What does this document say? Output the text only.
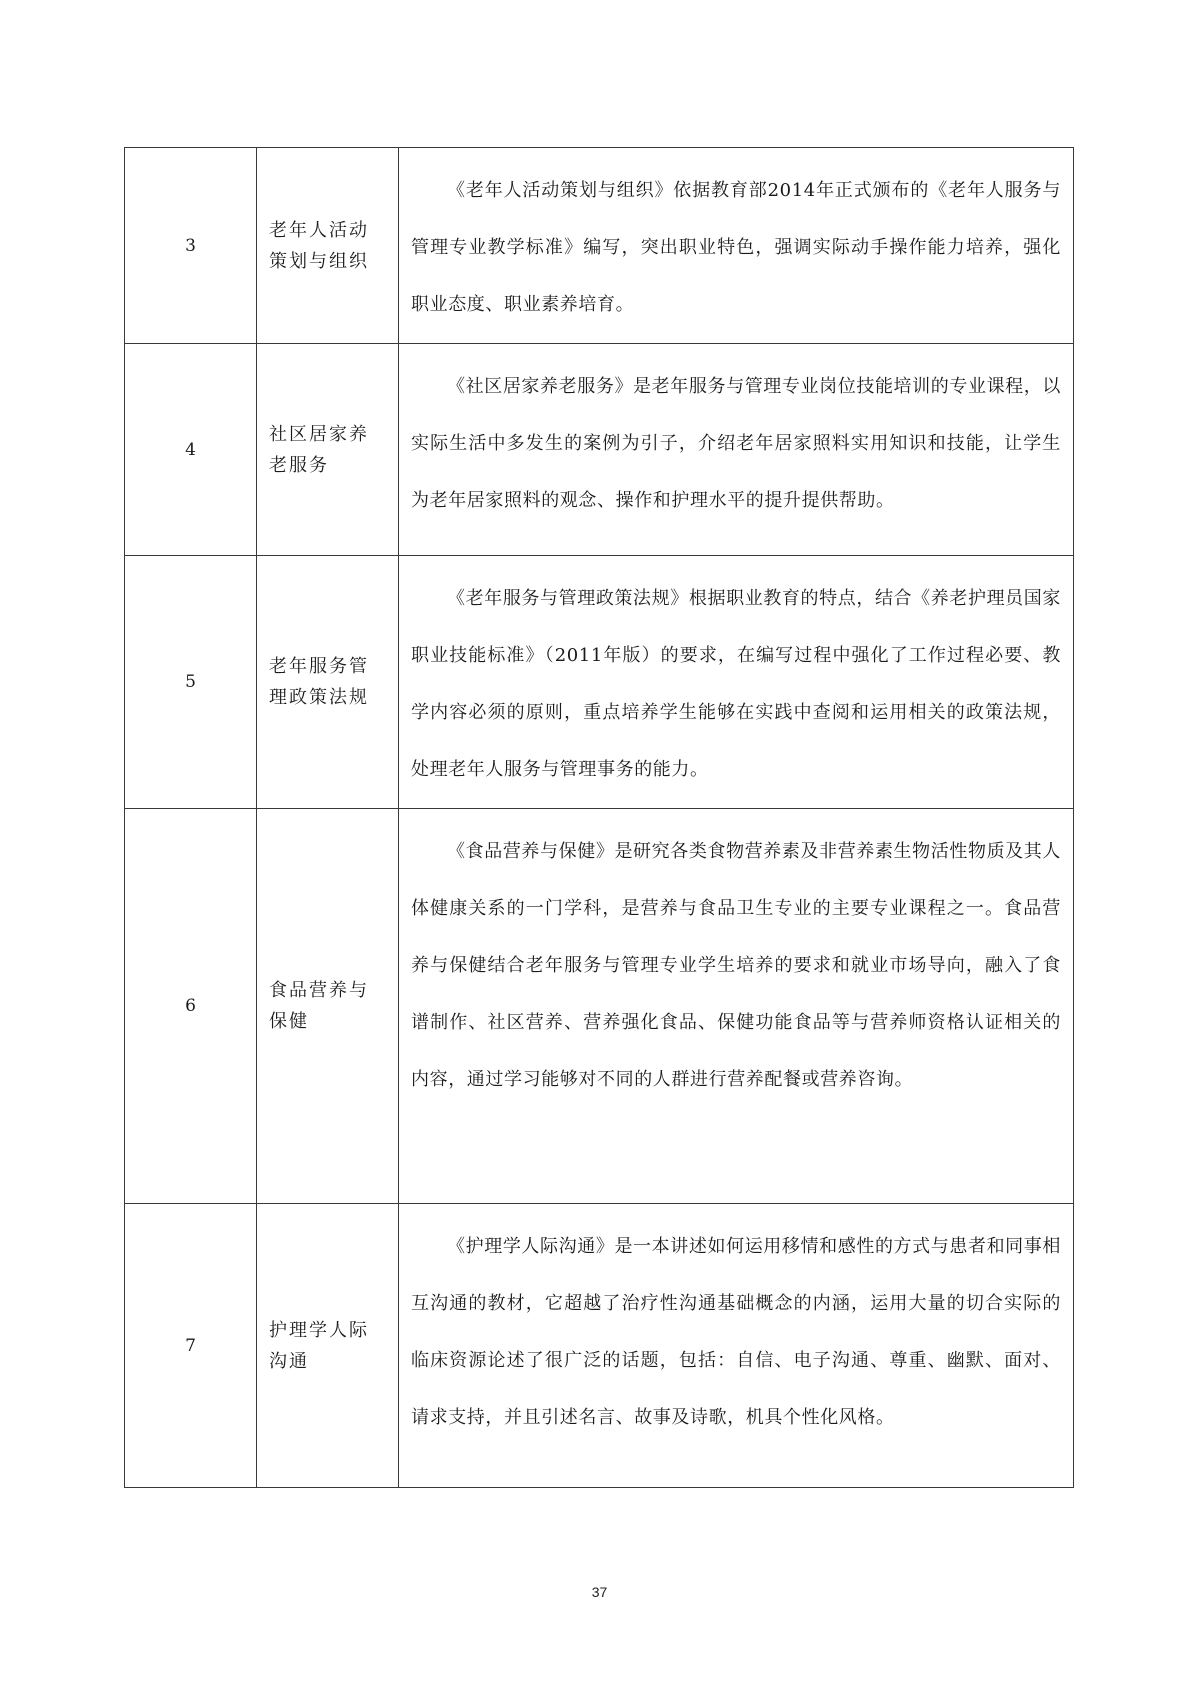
3	老年人活动策划与组织	《老年人活动策划与组织》依据教育部2014年正式颁布的《老年人服务与 管理专业教学标准》编写，突出职业特色，强调实际动手操作能力培养，强化职业态度、职业素养培育。

4	社区居家养老服务	《社区居家养老服务》是老年服务与管理专业岗位技能培训的专业课程，以实际生活中多发生的案例为引子，介绍老年居家照料实用知识和技能，让学生为老年居家照料的观念、操作和护理水平的提升提供帮助。

5	老年服务管理政策法规	《老年服务与管理政策法规》根据职业教育的特点，结合《养老护理员国家职业技能标准》（2011年版）的要求，在编写过程中强化了工作过程必要、教学内容必须的原则，重点培养学生能够在实践中查阅和运用相关的政策法规，处理老年人服务与管理事务的能力。

6	食品营养与保健	《食品营养与保健》是研究各类食物营养素及非营养素生物活性物质及其人体健康关系的一门学科，是营养与食品卫生专业的主要专业课程之一。食品营养与保健结合老年服务与管理专业学生培养的要求和就业市场导向，融入了食谱制作、社区营养、营养强化食品、保健功能食品等与营养师资格认证相关的内容，通过学习能够对不同的人群进行营养配餐或营养咨询。

7	护理学人际沟通	《护理学人际沟通》是一本讲述如何运用移情和感性的方式与患者和同事相互沟通的教材，它超越了治疗性沟通基础概念的内涵，运用大量的切合实际的临床资源论述了很广泛的话题，包括：自信、电子沟通、尊重、幽默、面对、请求支持，并且引述名言、故事及诗歌，机具个性化风格。

37
